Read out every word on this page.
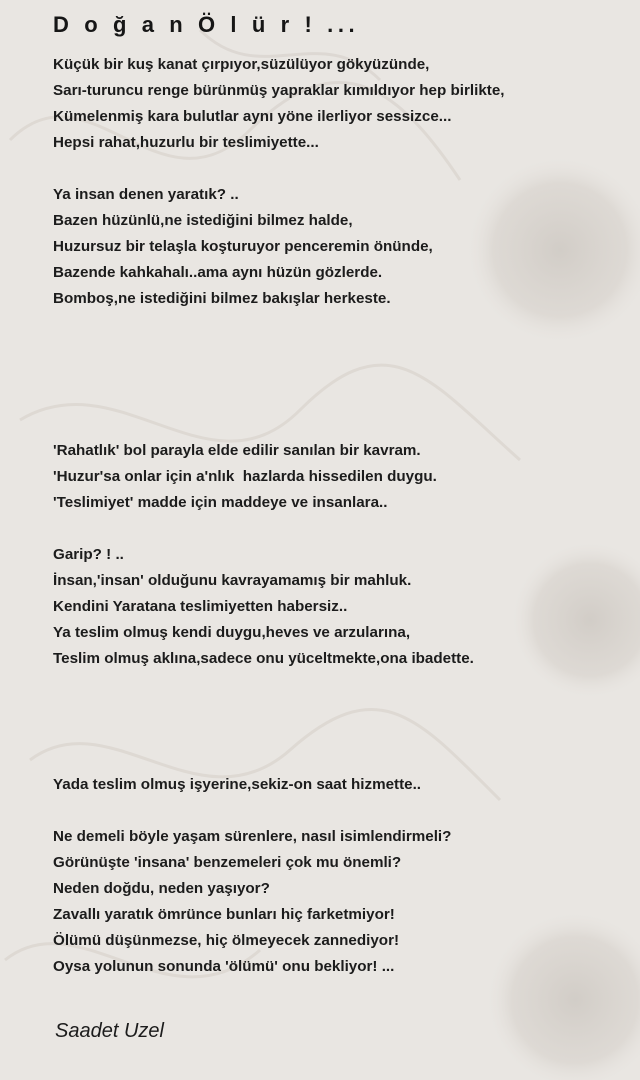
D o ğ a n Ö l ü r ! ...
Küçük bir kuş kanat çırpıyor,süzülüyor gökyüzünde,
Sarı-turuncu renge bürünmüş yapraklar kımıldıyor hep birlikte,
Kümelenmiş kara bulutlar aynı yöne ilerliyor sessizce...
Hepsi rahat,huzurlu bir teslimiyette...
Ya insan denen yaratık? ..
Bazen hüzünlü,ne istediğini bilmez halde,
Huzursuz bir telaşla koşturuyor penceremin önünde,
Bazende kahkahalı..ama aynı hüzün gözlerde.
Bomboş,ne istediğini bilmez bakışlar herkeste.
'Rahatlık' bol parayla elde edilir sanılan bir kavram.
'Huzur'sa onlar için a'nlık  hazlarda hissedilen duygu.
'Teslimiyet' madde için maddeye ve insanlara..
Garip? ! ..
İnsan,'insan' olduğunu kavrayamamış bir mahluk.
Kendini Yaratana teslimiyetten habersiz..
Ya teslim olmuş kendi duygu,heves ve arzularına,
Teslim olmuş aklına,sadece onu yüceltmekte,ona ibadette.
Yada teslim olmuş işyerine,sekiz-on saat hizmette..
Ne demeli böyle yaşam sürenlere, nasıl isimlendirmeli?
Görünüşte 'insana' benzemeleri çok mu önemli?
Neden doğdu, neden yaşıyor?
Zavallı yaratık ömrünce bunları hiç farketmiyor!
Ölümü düşünmezse, hiç ölmeyecek zannediyor!
Oysa yolunun sonunda 'ölümü' onu bekliyor! ...
Saadet Uzel
